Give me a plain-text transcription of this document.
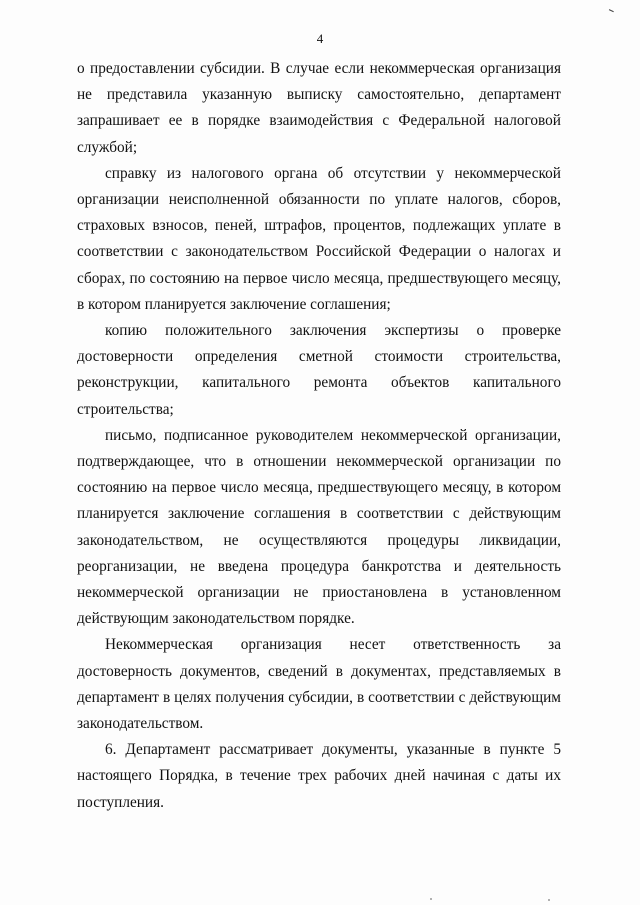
4

о предоставлении субсидии. В случае если некоммерческая организация не представила указанную выписку самостоятельно, департамент запрашивает ее в порядке взаимодействия с Федеральной налоговой службой;

справку из налогового органа об отсутствии у некоммерческой организации неисполненной обязанности по уплате налогов, сборов, страховых взносов, пеней, штрафов, процентов, подлежащих уплате в соответствии с законодательством Российской Федерации о налогах и сборах, по состоянию на первое число месяца, предшествующего месяцу, в котором планируется заключение соглашения;

копию положительного заключения экспертизы о проверке достоверности определения сметной стоимости строительства, реконструкции, капитального ремонта объектов капитального строительства;

письмо, подписанное руководителем некоммерческой организации, подтверждающее, что в отношении некоммерческой организации по состоянию на первое число месяца, предшествующего месяцу, в котором планируется заключение соглашения в соответствии с действующим законодательством, не осуществляются процедуры ликвидации, реорганизации, не введена процедура банкротства и деятельность некоммерческой организации не приостановлена в установленном действующим законодательством порядке.

Некоммерческая организация несет ответственность за достоверность документов, сведений в документах, представляемых в департамент в целях получения субсидии, в соответствии с действующим законодательством.

6. Департамент рассматривает документы, указанные в пункте 5 настоящего Порядка, в течение трех рабочих дней начиная с даты их поступления.
